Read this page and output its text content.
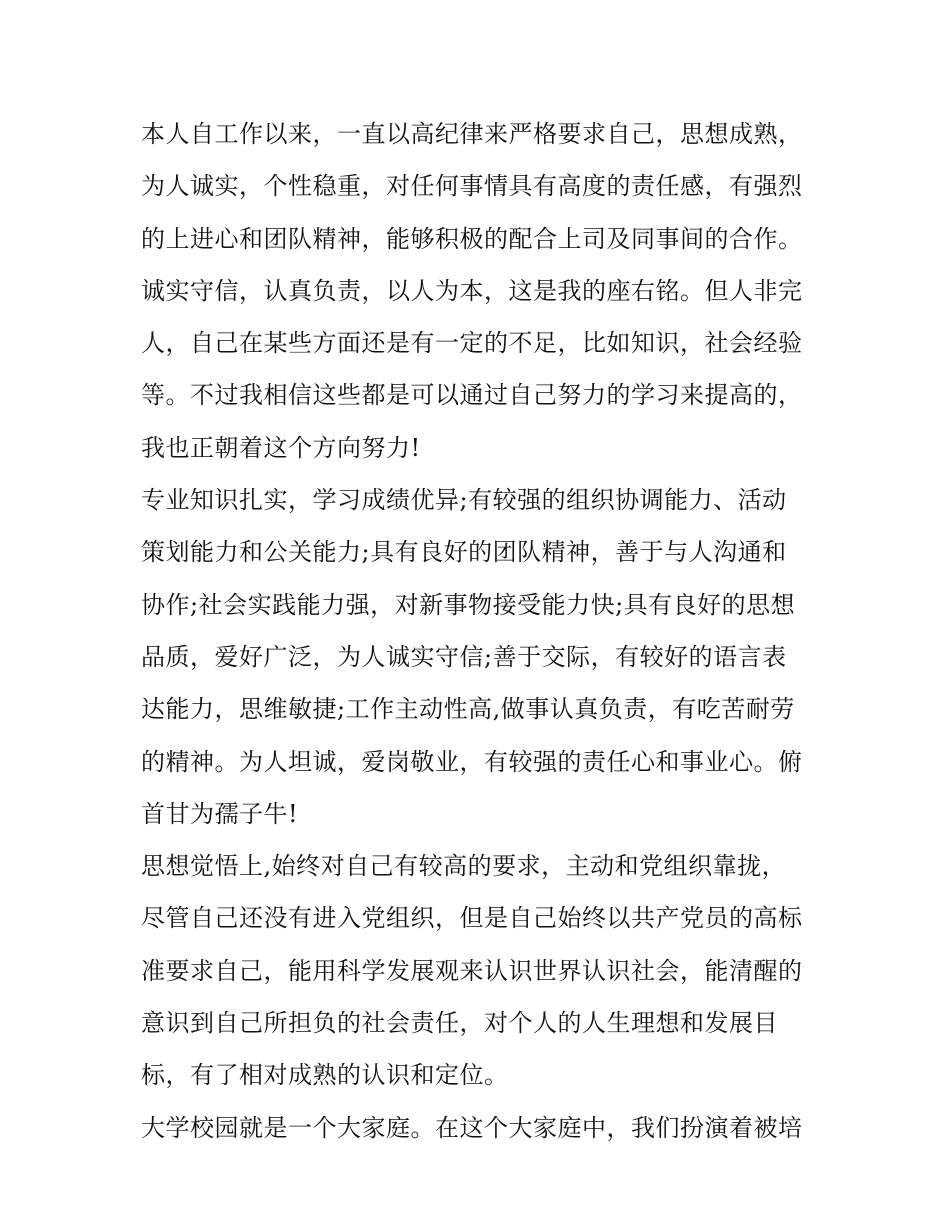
本人自工作以来，一直以高纪律来严格要求自己，思想成熟，
为人诚实，个性稳重，对任何事情具有高度的责任感，有强烈
的上进心和团队精神，能够积极的配合上司及同事间的合作。
诚实守信，认真负责，以人为本，这是我的座右铭。但人非完
人，自己在某些方面还是有一定的不足，比如知识，社会经验
等。不过我相信这些都是可以通过自己努力的学习来提高的，
我也正朝着这个方向努力!
专业知识扎实，学习成绩优异;有较强的组织协调能力、活动
策划能力和公关能力;具有良好的团队精神，善于与人沟通和
协作;社会实践能力强，对新事物接受能力快;具有良好的思想
品质，爱好广泛，为人诚实守信;善于交际，有较好的语言表
达能力，思维敏捷;工作主动性高,做事认真负责，有吃苦耐劳
的精神。为人坦诚，爱岗敬业，有较强的责任心和事业心。俯
首甘为孺子牛!
思想觉悟上,始终对自己有较高的要求，主动和党组织靠拢，
尽管自己还没有进入党组织，但是自己始终以共产党员的高标
准要求自己，能用科学发展观来认识世界认识社会，能清醒的
意识到自己所担负的社会责任，对个人的人生理想和发展目
标，有了相对成熟的认识和定位。
大学校园就是一个大家庭。在这个大家庭中，我们扮演着被培
